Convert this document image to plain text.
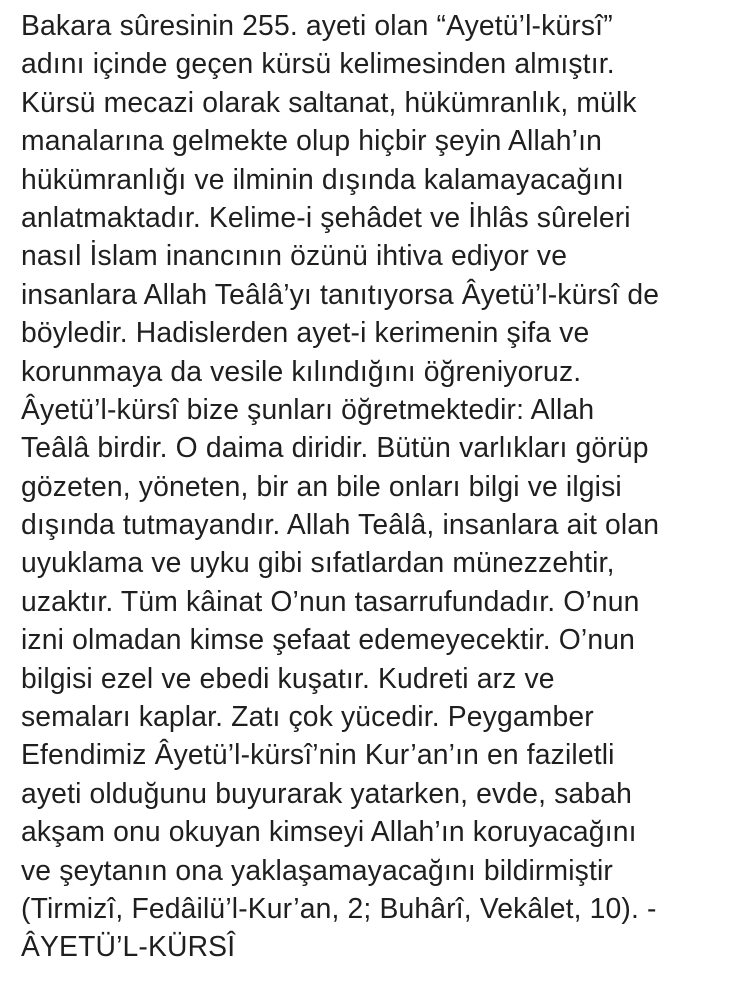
Bakara sûresinin 255. ayeti olan “Ayetü’l-kürsî”
adını içinde geçen kürsü kelimesinden almıştır.
Kürsü mecazi olarak saltanat, hükümranlık, mülk
manalarına gelmekte olup hiçbir şeyin Allah’ın
hükümranlığı ve ilminin dışında kalamayacağını
anlatmaktadır. Kelime-i şehâdet ve İhlâs sûreleri
nasıl İslam inancının özünü ihtiva ediyor ve
insanlara Allah Teâlâ’yı tanıtıyorsa Âyetü’l-kürsî de
böyledir. Hadislerden ayet-i kerimenin şifa ve
korunmaya da vesile kılındığını öğreniyoruz.
Âyetü’l-kürsî bize şunları öğretmektedir: Allah
Teâlâ birdir. O daima diridir. Bütün varlıkları görüp
gözeten, yöneten, bir an bile onları bilgi ve ilgisi
dışında tutmayandır. Allah Teâlâ, insanlara ait olan
uyuklama ve uyku gibi sıfatlardan münezzehtir,
uzaktır. Tüm kâinat O’nun tasarrufundadır. O’nun
izni olmadan kimse şefaat edemeyecektir. O’nun
bilgisi ezel ve ebedi kuşatır. Kudreti arz ve
semaları kaplar. Zatı çok yücedir. Peygamber
Efendimiz Âyetü’l-kürsî’nin Kur’an’ın en faziletli
ayeti olduğunu buyurarak yatarken, evde, sabah
akşam onu okuyan kimseyi Allah’ın koruyacağını
ve şeytanın ona yaklaşamayacağını bildirmiştir
(Tirmizî, Fedâilü’l-Kur’an, 2; Buhârî, Vekâlet, 10). -
ÂYETÜ’L-KÜRSÎ
